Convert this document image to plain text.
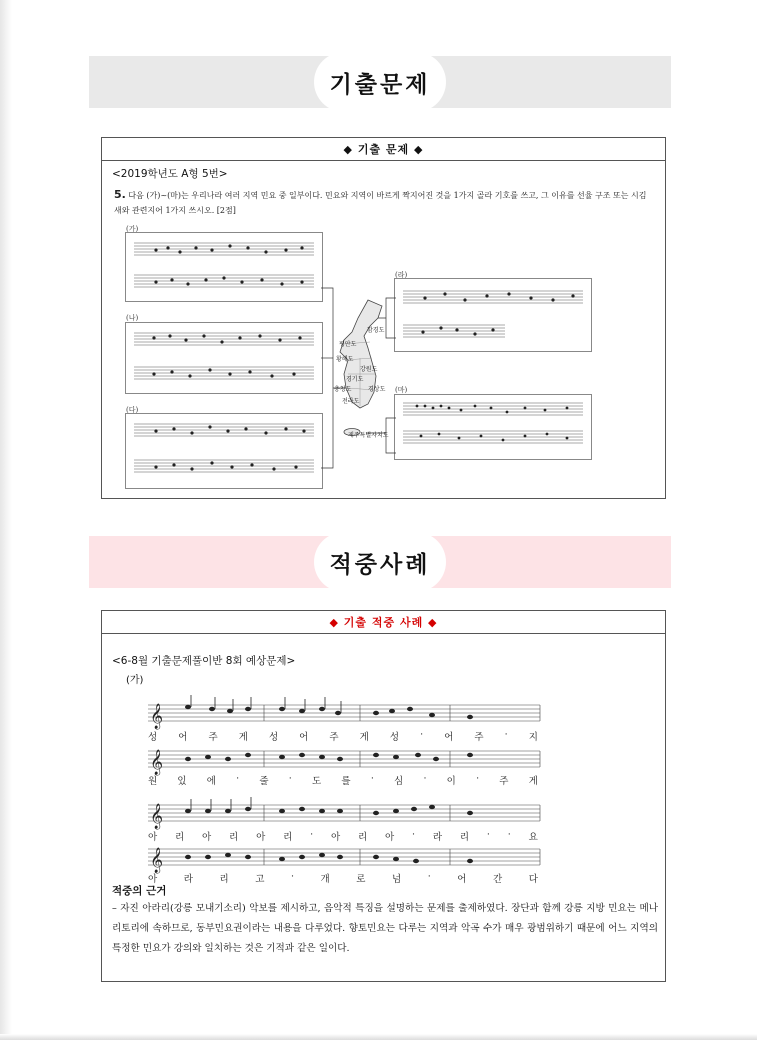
기출문제
◆ 기출 문제 ◆
<2019학년도 A형 5번>
5. 다음 (가)~(마)는 우리나라 여러 지역 민요 중 일부이다. 민요와 지역이 바르게 짝지어진 것을 1가지 골라 기호를 쓰고, 그 이유를 선율 구조 또는 시김새와 관련지어 1가지 쓰시오. [2점]
(가)
(나)
(다)
(라)
(마)
함경도
평안도
황해도
강원도
경기도
충청도	경상도
전라도
제주특별자치도
적중사례
◆ 기출 적중 사례 ◆
<6-8월 기출문제풀이반 8회 예상문제>
(가)
𝄞
𝄞
𝄞
𝄞
성 어 주 게 성 어 주 게 성 · 어 주 · 지
원 있 에 · 줄 · 도 를 · 심 · 이 · 주 게
아 리 아 리 아 리 · 아 리 아 · 라 리 · · 요
아	라	리	고	·	개	로	넘	·	어	간	다
적중의 근거
– 자진 아라리(강릉 모내기소리) 악보를 제시하고, 음악적 특징을 설명하는 문제를 출제하였다. 장단과 함께 강릉 지방 민요는 메나리토리에 속하므로, 동부민요권이라는 내용을 다루었다. 향토민요는 다루는 지역과 악곡 수가 매우 광범위하기 때문에 어느 지역의 특정한 민요가 강의와 일치하는 것은 기적과 같은 일이다.
